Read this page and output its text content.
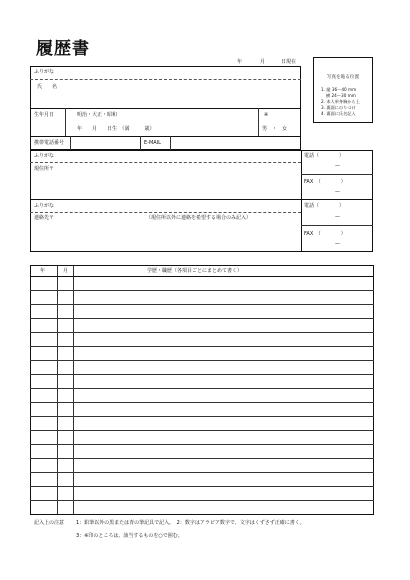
履歴書
年	月	日現在
写真を貼る位置
1. 縦 36〜40 mm
横 24〜30 mm
2. 本人単身胸から上
3. 裏面にのりづけ
4. 裏面に氏名記入
ふりがな
氏　　名
生年月日	明治・大正・昭和
年　　月　　日生　（満　　　歳）
※
男　・　女
携帯電話番号	E-MAIL
ふりがな
現住所〒
電話（　　　　）
—
FAX　（　　　　）
—
ふりがな
連絡先〒	（現住所以外に連絡を希望する場合のみ記入）
電話（　　　　）
—
FAX　（　　　　）
—
年	月	学歴・職歴（各項目ごとにまとめて書く）
記入上の注意 1：鉛筆以外の黒または青の筆記具で記入。　2：数字はアラビア数字で、文字はくずさず正確に書く。
3：※印のところは、該当するものを○で囲む。
